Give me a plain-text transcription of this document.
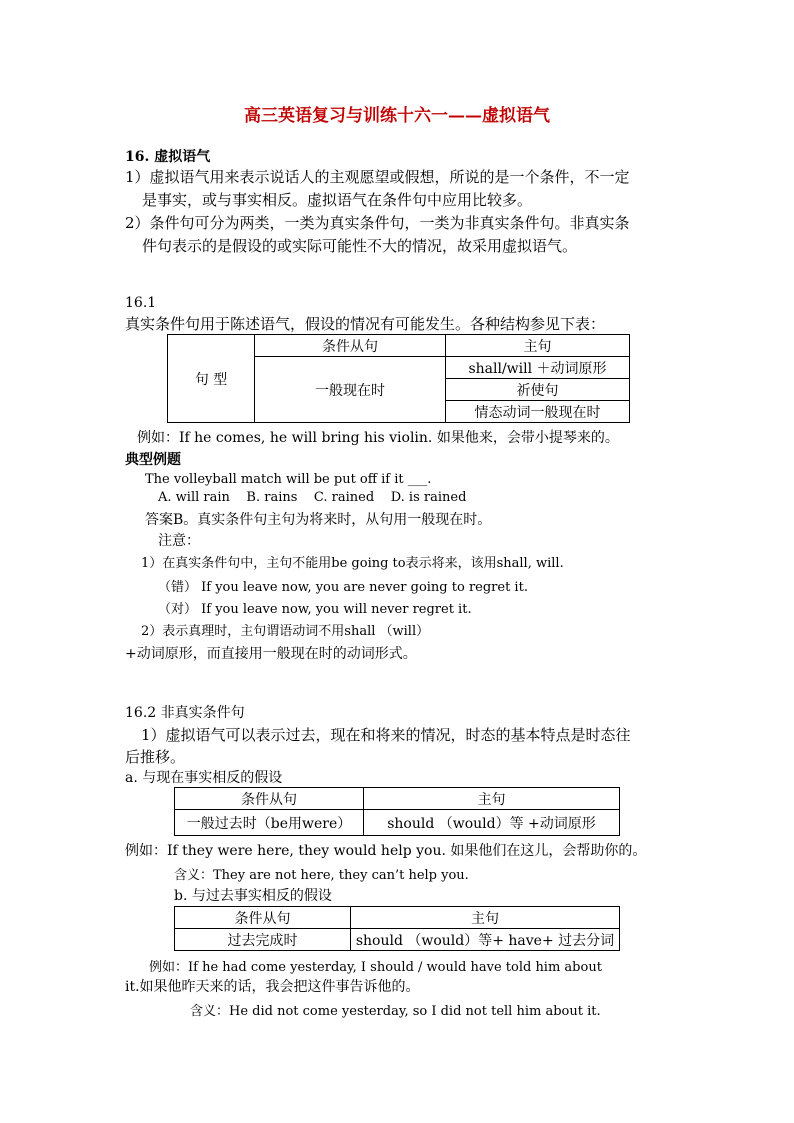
高三英语复习与训练十六一——虚拟语气
16. 虚拟语气
1）虚拟语气用来表示说话人的主观愿望或假想，所说的是一个条件，不一定
是事实，或与事实相反。虚拟语气在条件句中应用比较多。
2）条件句可分为两类，一类为真实条件句，一类为非真实条件句。非真实条
件句表示的是假设的或实际可能性不大的情况，故采用虚拟语气。
16.1
真实条件句用于陈述语气，假设的情况有可能发生。各种结构参见下表：
句 型	条件从句	主句
	一般现在时	shall/will ＋动词原形
		祈使句
		情态动词一般现在时
例如：If he comes, he will bring his violin. 如果他来，会带小提琴来的。
典型例题
The volleyball match will be put off if it ___.
A. will rain    B. rains    C. rained    D. is rained
答案B。真实条件句主句为将来时，从句用一般现在时。
注意：
1）在真实条件句中，主句不能用be going to表示将来，该用shall, will.
（错） If you leave now, you are never going to regret it.
（对） If you leave now, you will never regret it.
2）表示真理时，主句谓语动词不用shall （will）
+动词原形，而直接用一般现在时的动词形式。
16.2 非真实条件句
1）虚拟语气可以表示过去，现在和将来的情况，时态的基本特点是时态往
后推移。
a. 与现在事实相反的假设
条件从句	主句
一般过去时（be用were）	should （would）等 +动词原形
例如：If they were here, they would help you. 如果他们在这儿，会帮助你的。
含义：They are not here, they can’t help you.
b. 与过去事实相反的假设
条件从句	主句
过去完成时	should （would）等+ have+ 过去分词
例如：If he had come yesterday, I should / would have told him about
it.如果他昨天来的话，我会把这件事告诉他的。
含义：He did not come yesterday, so I did not tell him about it.
